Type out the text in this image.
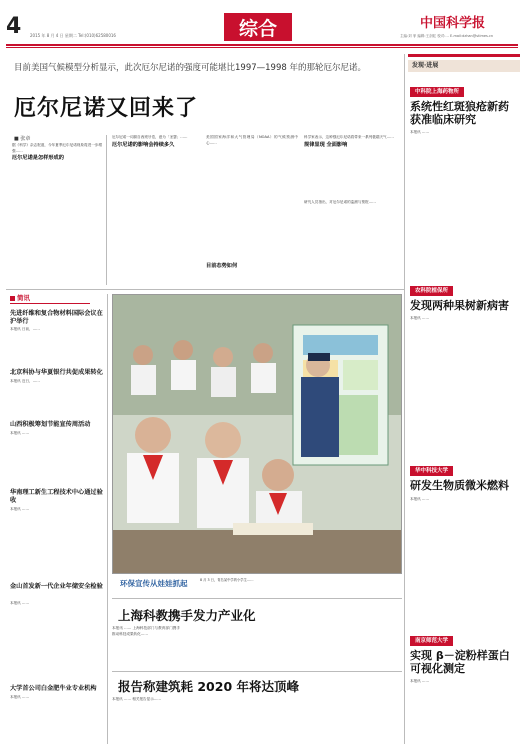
4 2015 年 8 月 4 日 星期二 Tel:(010)62580016	综合	中国科学报
主编:刘 菲 编辑:王剑虹 校对:… E-mail:dzhan@stimes.cn
目前美国气候模型分析显示，此次厄尔尼诺的强度可能堪比1997—1998 年的那轮厄尔尼诺。
厄尔尼诺又回来了
■ 张章
据《科学》杂志报道，今年夏季厄尔尼诺现象将进一步增强……
厄尔尼诺是怎样形成的
厄尔尼诺一词源自西班牙语，意为「圣婴」……
厄尔尼诺的影响会持续多久
美国国家海洋和大气管理局（NOAA）的气候预测中心……
科学家表示，这种强厄尔尼诺将带来一系列极端天气……
规律显现 全面影响
研究人员指出，对厄尔尼诺的监测与预报……
目前态势如何
简讯
先进纤维和复合物材料国际会议在沪举行
本报讯 日前，……
北京科协与华夏银行共促成果转化
本报讯 近日，……
山西积极筹划节能宣传周活动
本报讯 ……
华南理工新生工程技术中心通过验收
本报讯 ……
金山首发新一代企业年储安全检验
本报讯 ……
大学首公司白金肥牛业专业机构
本报讯 ……
环保宣传从娃娃抓起	8 月 3 日，青岛某中学的小学生……
上海科教携手发力产业化
本报讯 …… 上海科技部门与教育部门携手推动科技成果转化……
报告称建筑耗 2020 年将达顶峰
本报讯 …… 相关报告显示……
发现·进展
中科院上海药物所
系统性红斑狼疮新药获准临床研究
本报讯 ……
农科院植保所
发现两种果树新病害
本报讯 ……
华中科技大学
研发生物质微米燃料
本报讯 ……
南京师范大学
实现 β－淀粉样蛋白可视化测定
本报讯 ……
